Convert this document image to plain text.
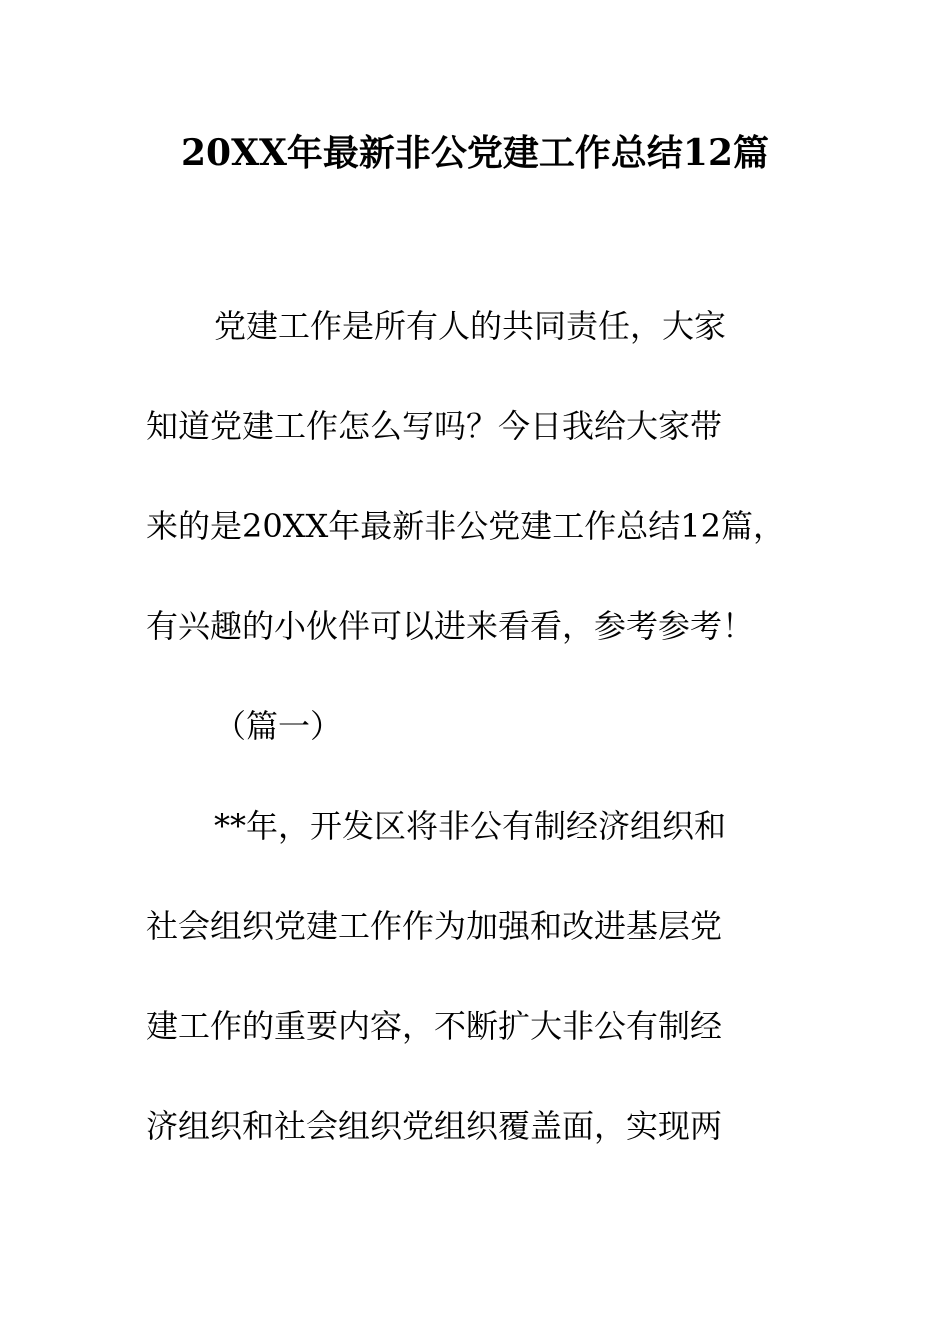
20XX年最新非公党建工作总结12篇
党建工作是所有人的共同责任，大家
知道党建工作怎么写吗？今日我给大家带
来的是20XX年最新非公党建工作总结12篇，
有兴趣的小伙伴可以进来看看，参考参考！
（篇一）
**年，开发区将非公有制经济组织和
社会组织党建工作作为加强和改进基层党
建工作的重要内容，不断扩大非公有制经
济组织和社会组织党组织覆盖面，实现两
